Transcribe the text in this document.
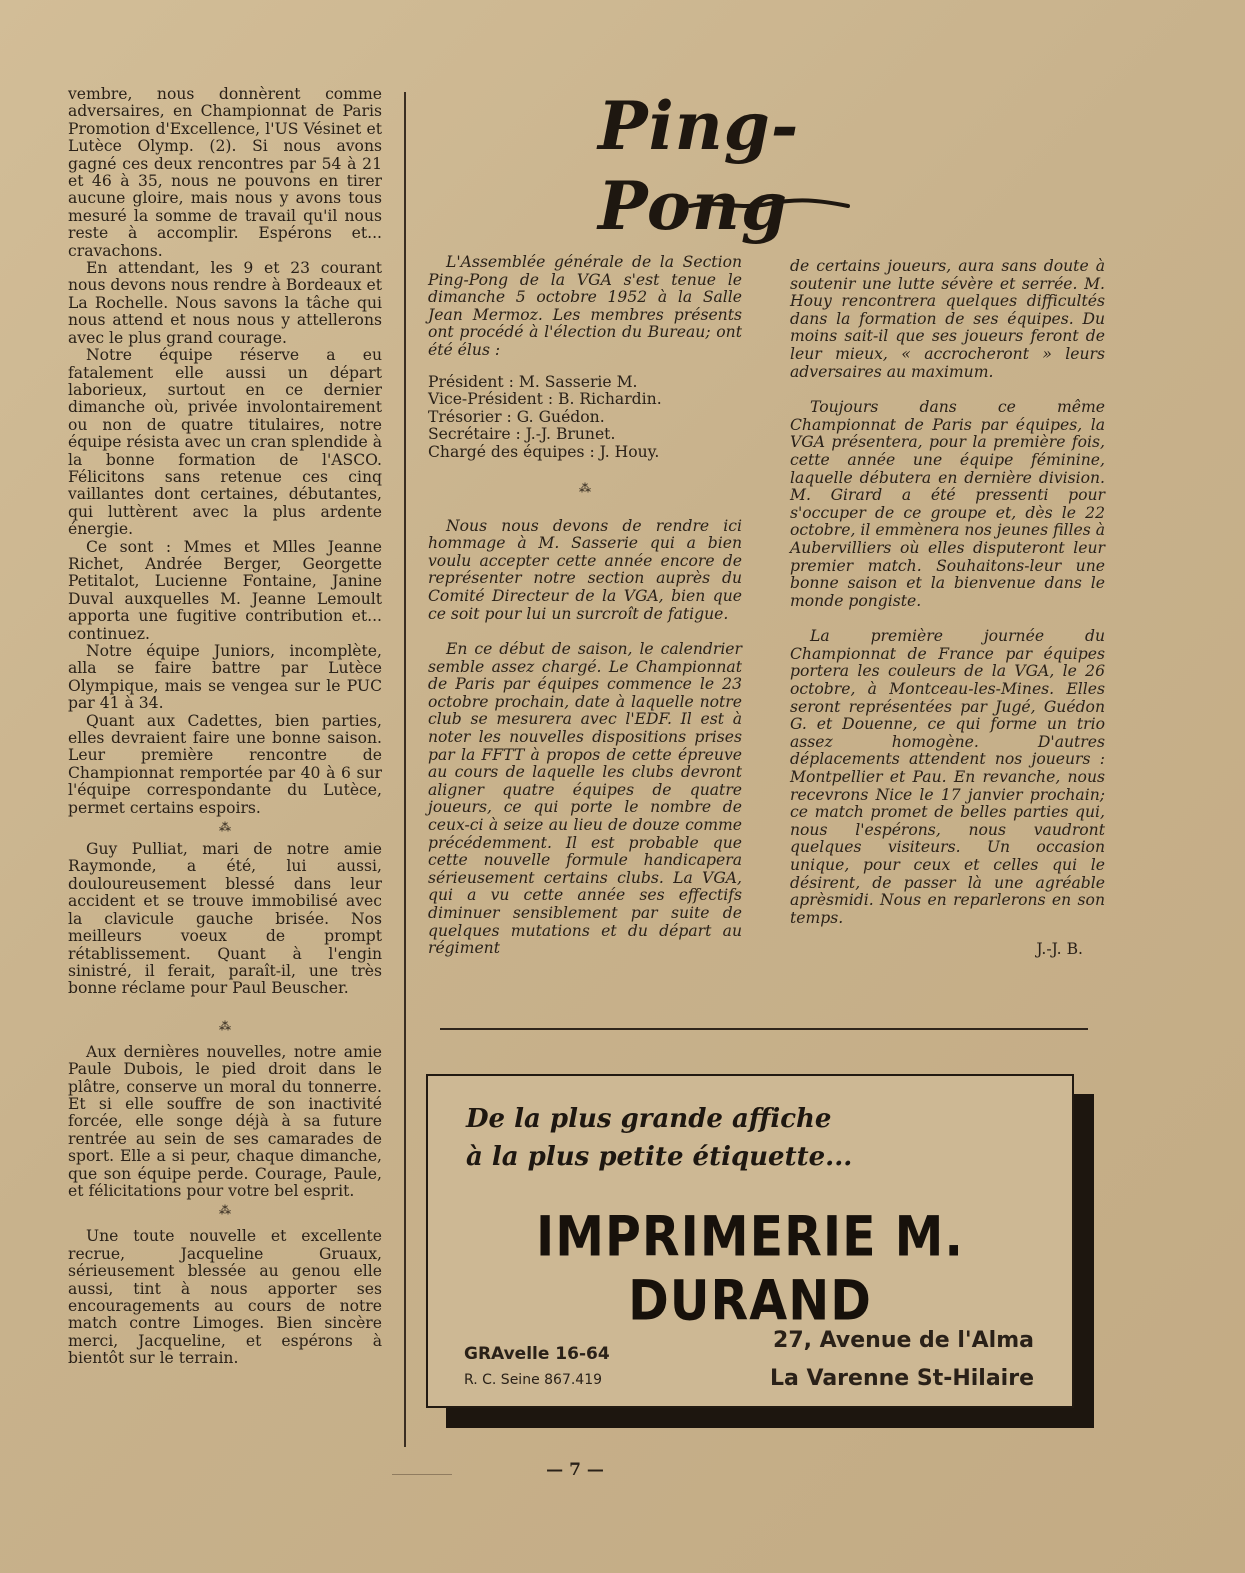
vembre, nous donnèrent comme adversaires, en Championnat de Paris Promotion d'Excellence, l'US Vésinet et Lutèce Olymp. (2). Si nous avons gagné ces deux rencontres par 54 à 21 et 46 à 35, nous ne pouvons en tirer aucune gloire, mais nous y avons tous mesuré la somme de travail qu'il nous reste à accomplir. Espérons et... cravachons.

En attendant, les 9 et 23 courant nous devons nous rendre à Bordeaux et La Rochelle. Nous savons la tâche qui nous attend et nous nous y attellerons avec le plus grand courage.

Notre équipe réserve a eu fatalement elle aussi un départ laborieux, surtout en ce dernier dimanche où, privée involontairement ou non de quatre titulaires, notre équipe résista avec un cran splendide à la bonne formation de l'ASCO. Félicitons sans retenue ces cinq vaillantes dont certaines, débutantes, qui luttèrent avec la plus ardente énergie.

Ce sont : Mmes et Mlles Jeanne Richet, Andrée Berger, Georgette Petitalot, Lucienne Fontaine, Janine Duval auxquelles M. Jeanne Lemoult apporta une fugitive contribution et... continuez.

Notre équipe Juniors, incomplète, alla se faire battre par Lutèce Olympique, mais se vengea sur le PUC par 41 à 34.

Quant aux Cadettes, bien parties, elles devraient faire une bonne saison. Leur première rencontre de Championnat remportée par 40 à 6 sur l'équipe correspondante du Lutèce, permet certains espoirs.

⁂

Guy Pulliat, mari de notre amie Raymonde, a été, lui aussi, douloureusement blessé dans leur accident et se trouve immobilisé avec la clavicule gauche brisée. Nos meilleurs voeux de prompt rétablissement. Quant à l'engin sinistré, il ferait, paraît-il, une très bonne réclame pour Paul Beuscher.

⁂

Aux dernières nouvelles, notre amie Paule Dubois, le pied droit dans le plâtre, conserve un moral du tonnerre. Et si elle souffre de son inactivité forcée, elle songe déjà à sa future rentrée au sein de ses camarades de sport. Elle a si peur, chaque dimanche, que son équipe perde. Courage, Paule, et félicitations pour votre bel esprit.

⁂

Une toute nouvelle et excellente recrue, Jacqueline Gruaux, sérieusement blessée au genou elle aussi, tint à nous apporter ses encouragements au cours de notre match contre Limoges. Bien sincère merci, Jacqueline, et espérons à bientôt sur le terrain.

Ping-Pong

L'Assemblée générale de la Section Ping-Pong de la VGA s'est tenue le dimanche 5 octobre 1952 à la Salle Jean Mermoz. Les membres présents ont procédé à l'élection du Bureau; ont été élus :

Président : M. Sasserie M.
Vice-Président : B. Richardin.
Trésorier : G. Guédon.
Secrétaire : J.-J. Brunet.
Chargé des équipes : J. Houy.
⁂

Nous nous devons de rendre ici hommage à M. Sasserie qui a bien voulu accepter cette année encore de représenter notre section auprès du Comité Directeur de la VGA, bien que ce soit pour lui un surcroît de fatigue.

En ce début de saison, le calendrier semble assez chargé. Le Championnat de Paris par équipes commence le 23 octobre prochain, date à laquelle notre club se mesurera avec l'EDF. Il est à noter les nouvelles dispositions prises par la FFTT à propos de cette épreuve au cours de laquelle les clubs devront aligner quatre équipes de quatre joueurs, ce qui porte le nombre de ceux-ci à seize au lieu de douze comme précédemment. Il est probable que cette nouvelle formule handicapera sérieusement certains clubs. La VGA, qui a vu cette année ses effectifs diminuer sensiblement par suite de quelques mutations et du départ au régiment

de certains joueurs, aura sans doute à soutenir une lutte sévère et serrée. M. Houy rencontrera quelques difficultés dans la formation de ses équipes. Du moins sait-il que ses joueurs feront de leur mieux, « accrocheront » leurs adversaires au maximum.

Toujours dans ce même Championnat de Paris par équipes, la VGA présentera, pour la première fois, cette année une équipe féminine, laquelle débutera en dernière division. M. Girard a été pressenti pour s'occuper de ce groupe et, dès le 22 octobre, il emmènera nos jeunes filles à Aubervilliers où elles disputeront leur premier match. Souhaitons-leur une bonne saison et la bienvenue dans le monde pongiste.

La première journée du Championnat de France par équipes portera les couleurs de la VGA, le 26 octobre, à Montceau-les-Mines. Elles seront représentées par Jugé, Guédon G. et Douenne, ce qui forme un trio assez homogène. D'autres déplacements attendent nos joueurs : Montpellier et Pau. En revanche, nous recevrons Nice le 17 janvier prochain; ce match promet de belles parties qui, nous l'espérons, nous vaudront quelques visiteurs. Un occasion unique, pour ceux et celles qui le désirent, de passer là une agréable aprèsmidi. Nous en reparlerons en son temps.

J.-J. B.
De la plus grande affiche
à la plus petite étiquette...
IMPRIMERIE M. DURAND
GRAvelle 16-64
R. C. Seine 867.419
27, Avenue de l'Alma
La Varenne St-Hilaire
— 7 —
